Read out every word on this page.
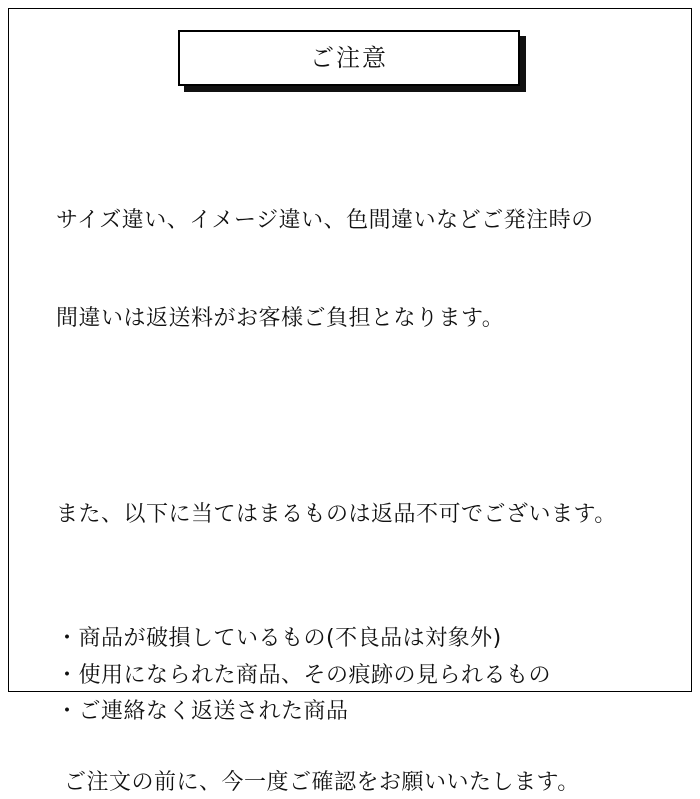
ご注意

サイズ違い、イメージ違い、色間違いなどご発注時の

間違いは返送料がお客様ご負担となります。

また、以下に当てはまるものは返品不可でございます。

・商品が破損しているもの(不良品は対象外)
・使用になられた商品、その痕跡の見られるもの
・ご連絡なく返送された商品
ご注文の前に、今一度ご確認をお願いいたします。
